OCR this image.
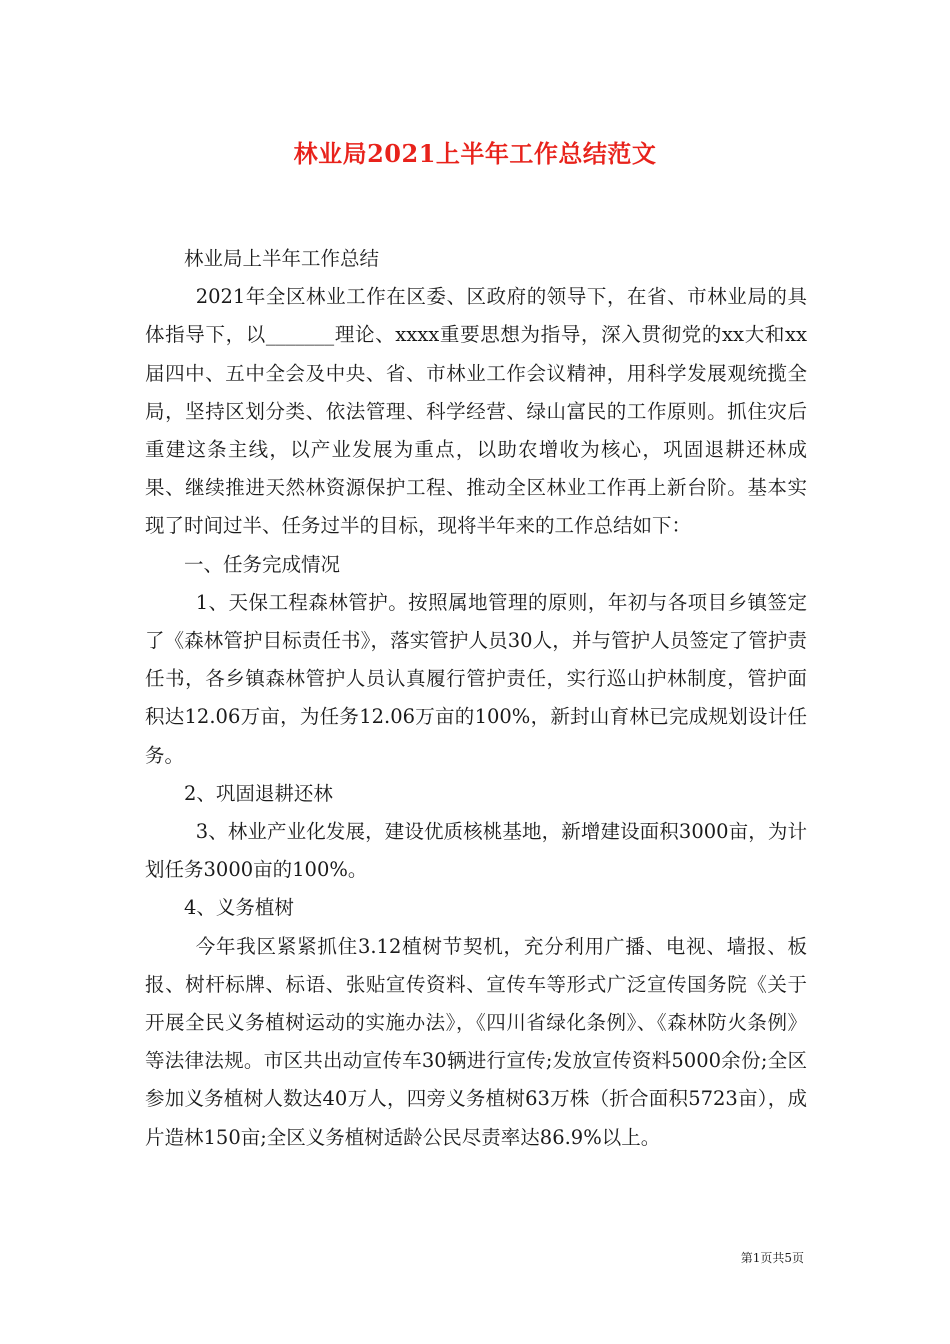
林业局2021上半年工作总结范文

林业局上半年工作总结

2021年全区林业工作在区委、区政府的领导下，在省、市林业局的具体指导下，以_______理论、xxxx重要思想为指导，深入贯彻党的xx大和xx届四中、五中全会及中央、省、市林业工作会议精神，用科学发展观统揽全局，坚持区划分类、依法管理、科学经营、绿山富民的工作原则。抓住灾后重建这条主线，以产业发展为重点，以助农增收为核心，巩固退耕还林成果、继续推进天然林资源保护工程、推动全区林业工作再上新台阶。基本实现了时间过半、任务过半的目标，现将半年来的工作总结如下：

一、任务完成情况

1、天保工程森林管护。按照属地管理的原则，年初与各项目乡镇签定了《森林管护目标责任书》，落实管护人员30人，并与管护人员签定了管护责任书，各乡镇森林管护人员认真履行管护责任，实行巡山护林制度，管护面积达12.06万亩，为任务12.06万亩的100%，新封山育林已完成规划设计任务。

2、巩固退耕还林

3、林业产业化发展，建设优质核桃基地，新增建设面积3000亩，为计划任务3000亩的100%。

4、义务植树

今年我区紧紧抓住3.12植树节契机，充分利用广播、电视、墙报、板报、树杆标牌、标语、张贴宣传资料、宣传车等形式广泛宣传国务院《关于开展全民义务植树运动的实施办法》，《四川省绿化条例》、《森林防火条例》等法律法规。市区共出动宣传车30辆进行宣传;发放宣传资料5000余份;全区参加义务植树人数达40万人，四旁义务植树63万株（折合面积5723亩），成片造林150亩;全区义务植树适龄公民尽责率达86.9%以上。

第1页共5页
